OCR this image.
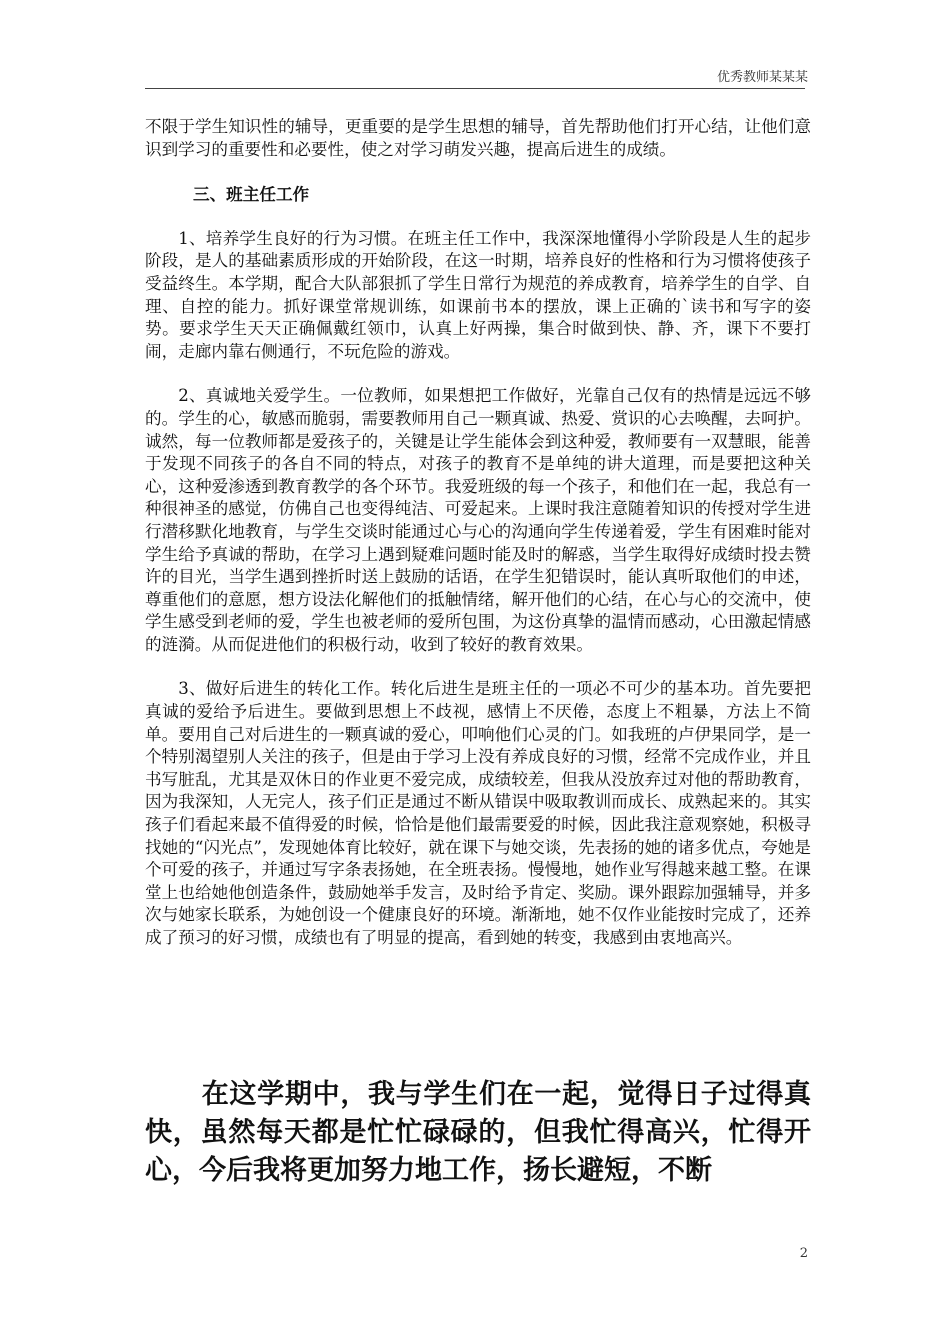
优秀教师某某某

不限于学生知识性的辅导，更重要的是学生思想的辅导，首先帮助他们打开心结，让他们意识到学习的重要性和必要性，使之对学习萌发兴趣，提高后进生的成绩。

三、班主任工作

1、培养学生良好的行为习惯。在班主任工作中，我深深地懂得小学阶段是人生的起步阶段，是人的基础素质形成的开始阶段，在这一时期，培养良好的性格和行为习惯将使孩子受益终生。本学期，配合大队部狠抓了学生日常行为规范的养成教育，培养学生的自学、自理、自控的能力。抓好课堂常规训练，如课前书本的摆放，课上正确的`读书和写字的姿势。要求学生天天正确佩戴红领巾，认真上好两操，集合时做到快、静、齐，课下不要打闹，走廊内靠右侧通行，不玩危险的游戏。

2、真诚地关爱学生。一位教师，如果想把工作做好，光靠自己仅有的热情是远远不够的。学生的心，敏感而脆弱，需要教师用自己一颗真诚、热爱、赏识的心去唤醒，去呵护。诚然，每一位教师都是爱孩子的，关键是让学生能体会到这种爱，教师要有一双慧眼，能善于发现不同孩子的各自不同的特点，对孩子的教育不是单纯的讲大道理，而是要把这种关心，这种爱渗透到教育教学的各个环节。我爱班级的每一个孩子，和他们在一起，我总有一种很神圣的感觉，仿佛自己也变得纯洁、可爱起来。上课时我注意随着知识的传授对学生进行潜移默化地教育，与学生交谈时能通过心与心的沟通向学生传递着爱，学生有困难时能对学生给予真诚的帮助，在学习上遇到疑难问题时能及时的解惑，当学生取得好成绩时投去赞许的目光，当学生遇到挫折时送上鼓励的话语，在学生犯错误时，能认真听取他们的申述，尊重他们的意愿，想方设法化解他们的抵触情绪，解开他们的心结，在心与心的交流中，使学生感受到老师的爱，学生也被老师的爱所包围，为这份真挚的温情而感动，心田激起情感的涟漪。从而促进他们的积极行动，收到了较好的教育效果。

3、做好后进生的转化工作。转化后进生是班主任的一项必不可少的基本功。首先要把真诚的爱给予后进生。要做到思想上不歧视，感情上不厌倦，态度上不粗暴，方法上不简单。要用自己对后进生的一颗真诚的爱心，叩响他们心灵的门。如我班的卢伊果同学，是一个特别渴望别人关注的孩子，但是由于学习上没有养成良好的习惯，经常不完成作业，并且书写脏乱，尤其是双休日的作业更不爱完成，成绩较差，但我从没放弃过对他的帮助教育，因为我深知，人无完人，孩子们正是通过不断从错误中吸取教训而成长、成熟起来的。其实孩子们看起来最不值得爱的时候，恰恰是他们最需要爱的时候，因此我注意观察她，积极寻找她的“闪光点”，发现她体育比较好，就在课下与她交谈，先表扬的她的诸多优点，夸她是个可爱的孩子，并通过写字条表扬她，在全班表扬。慢慢地，她作业写得越来越工整。在课堂上也给她他创造条件，鼓励她举手发言，及时给予肯定、奖励。课外跟踪加强辅导，并多次与她家长联系，为她创设一个健康良好的环境。渐渐地，她不仅作业能按时完成了，还养成了预习的好习惯，成绩也有了明显的提高，看到她的转变，我感到由衷地高兴。

在这学期中，我与学生们在一起，觉得日子过得真快，虽然每天都是忙忙碌碌的，但我忙得高兴，忙得开心，今后我将更加努力地工作，扬长避短，不断

2
